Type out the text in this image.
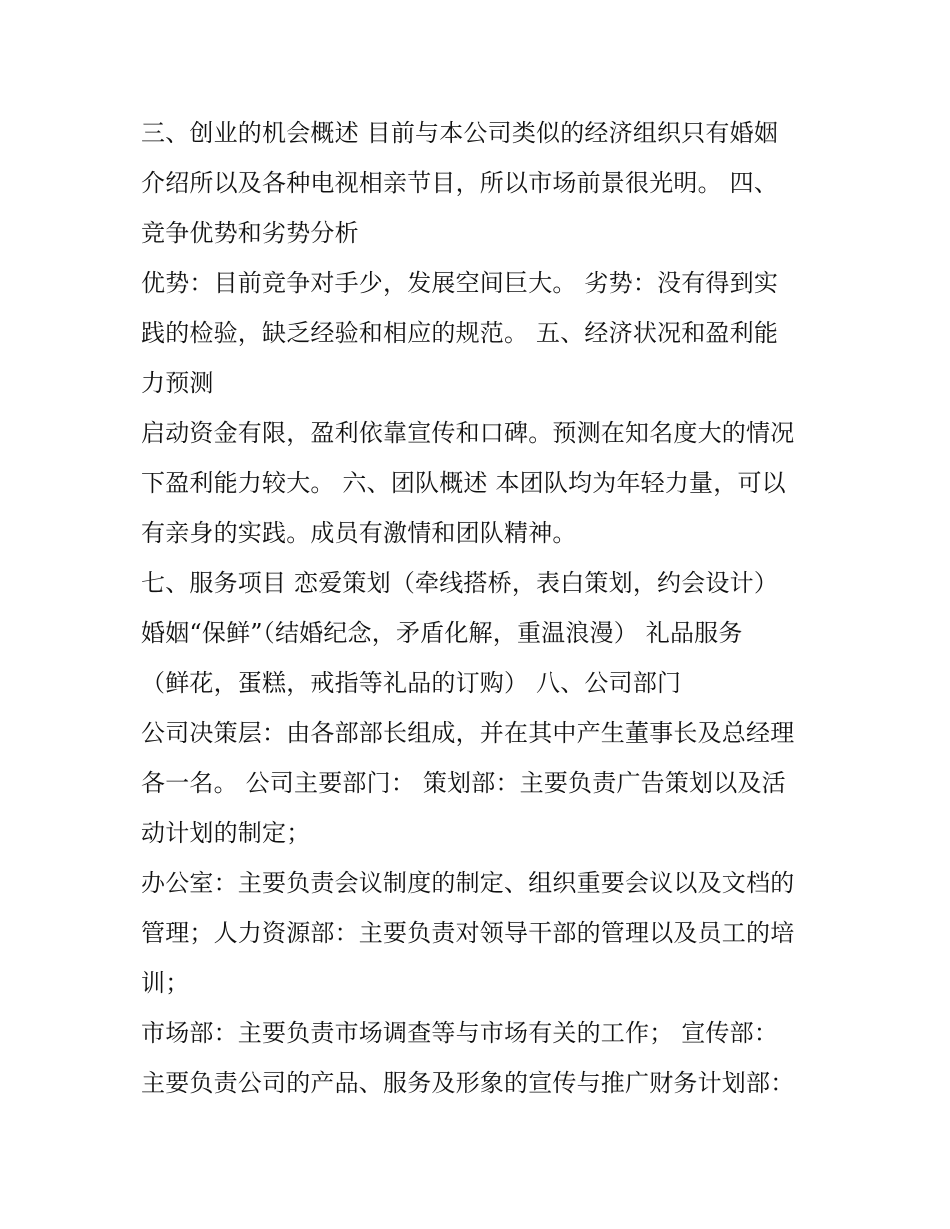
三、创业的机会概述 目前与本公司类似的经济组织只有婚姻
介绍所以及各种电视相亲节目，所以市场前景很光明。 四、
竞争优势和劣势分析
优势：目前竞争对手少，发展空间巨大。 劣势：没有得到实
践的检验，缺乏经验和相应的规范。 五、经济状况和盈利能
力预测
启动资金有限，盈利依靠宣传和口碑。预测在知名度大的情况
下盈利能力较大。 六、团队概述 本团队均为年轻力量，可以
有亲身的实践。成员有激情和团队精神。
七、服务项目 恋爱策划（牵线搭桥，表白策划，约会设计）
婚姻“保鲜”（结婚纪念，矛盾化解，重温浪漫） 礼品服务
（鲜花，蛋糕，戒指等礼品的订购） 八、公司部门
公司决策层：由各部部长组成，并在其中产生董事长及总经理
各一名。 公司主要部门： 策划部：主要负责广告策划以及活
动计划的制定；
办公室：主要负责会议制度的制定、组织重要会议以及文档的
管理；人力资源部：主要负责对领导干部的管理以及员工的培
训；
市场部：主要负责市场调查等与市场有关的工作； 宣传部：
主要负责公司的产品、服务及形象的宣传与推广财务计划部：
